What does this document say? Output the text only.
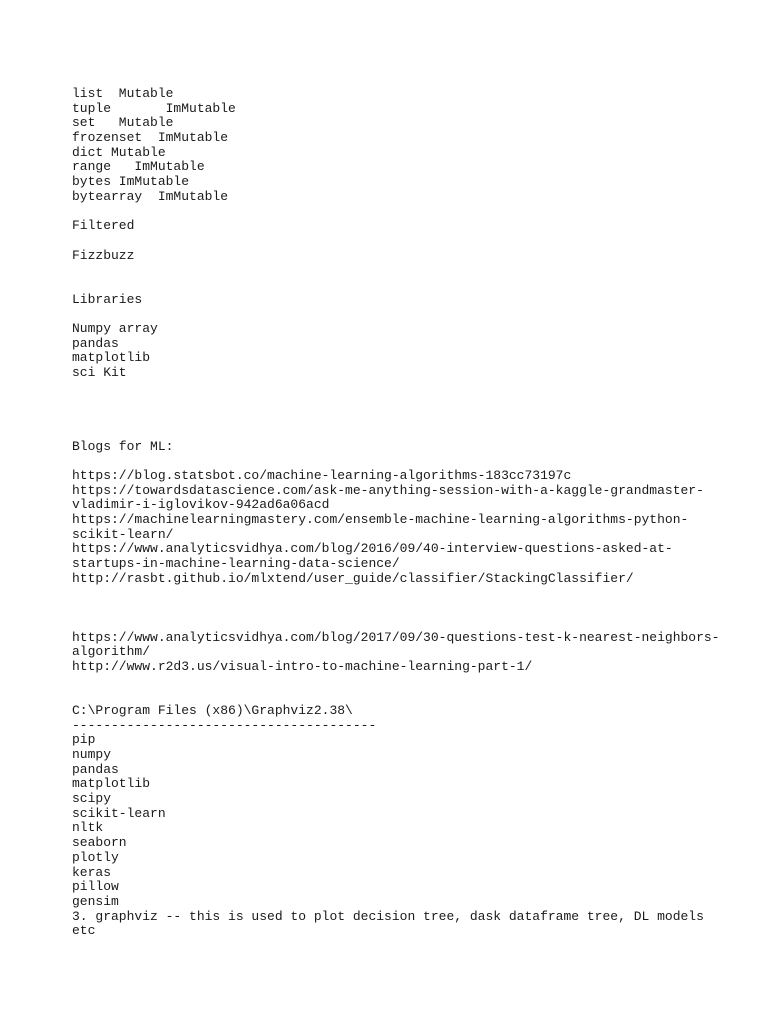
list  Mutable
tuple       ImMutable
set   Mutable
frozenset  ImMutable
dict Mutable
range   ImMutable
bytes ImMutable
bytearray  ImMutable
Filtered
Fizzbuzz
Libraries
Numpy array
pandas
matplotlib
sci Kit
Blogs for ML:
https://blog.statsbot.co/machine-learning-algorithms-183cc73197c
https://towardsdatascience.com/ask-me-anything-session-with-a-kaggle-grandmaster-
vladimir-i-iglovikov-942ad6a06acd
https://machinelearningmastery.com/ensemble-machine-learning-algorithms-python-
scikit-learn/
https://www.analyticsvidhya.com/blog/2016/09/40-interview-questions-asked-at-
startups-in-machine-learning-data-science/
http://rasbt.github.io/mlxtend/user_guide/classifier/StackingClassifier/
https://www.analyticsvidhya.com/blog/2017/09/30-questions-test-k-nearest-neighbors-
algorithm/
http://www.r2d3.us/visual-intro-to-machine-learning-part-1/
C:\Program Files (x86)\Graphviz2.38\
---------------------------------------
pip
numpy
pandas
matplotlib
scipy
scikit-learn
nltk
seaborn
plotly
keras
pillow
gensim
3. graphviz -- this is used to plot decision tree, dask dataframe tree, DL models
etc
